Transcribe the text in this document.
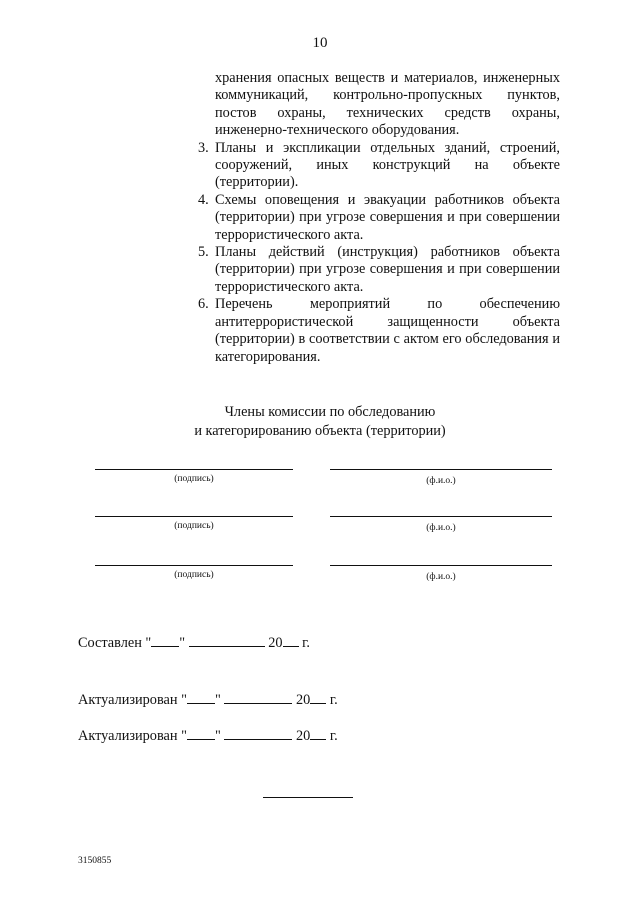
10
хранения опасных веществ и материалов, инженерных коммуникаций, контрольно-пропускных пунктов, постов охраны, технических средств охраны, инженерно-технического оборудования.
3. Планы и экспликации отдельных зданий, строений, сооружений, иных конструкций на объекте (территории).
4. Схемы оповещения и эвакуации работников объекта (территории) при угрозе совершения и при совершении террористического акта.
5. Планы действий (инструкция) работников объекта (территории) при угрозе совершения и при совершении террористического акта.
6. Перечень мероприятий по обеспечению антитеррористической защищенности объекта (территории) в соответствии с актом его обследования и категорирования.
Члены комиссии по обследованию
и категорированию объекта (территории)
(подпись)	(ф.и.о.)
(подпись)	(ф.и.о.)
(подпись)	(ф.и.о.)
Составлен " "	20 г.
Актуализирован " "	20 г.
Актуализирован " "	20 г.
3150855
